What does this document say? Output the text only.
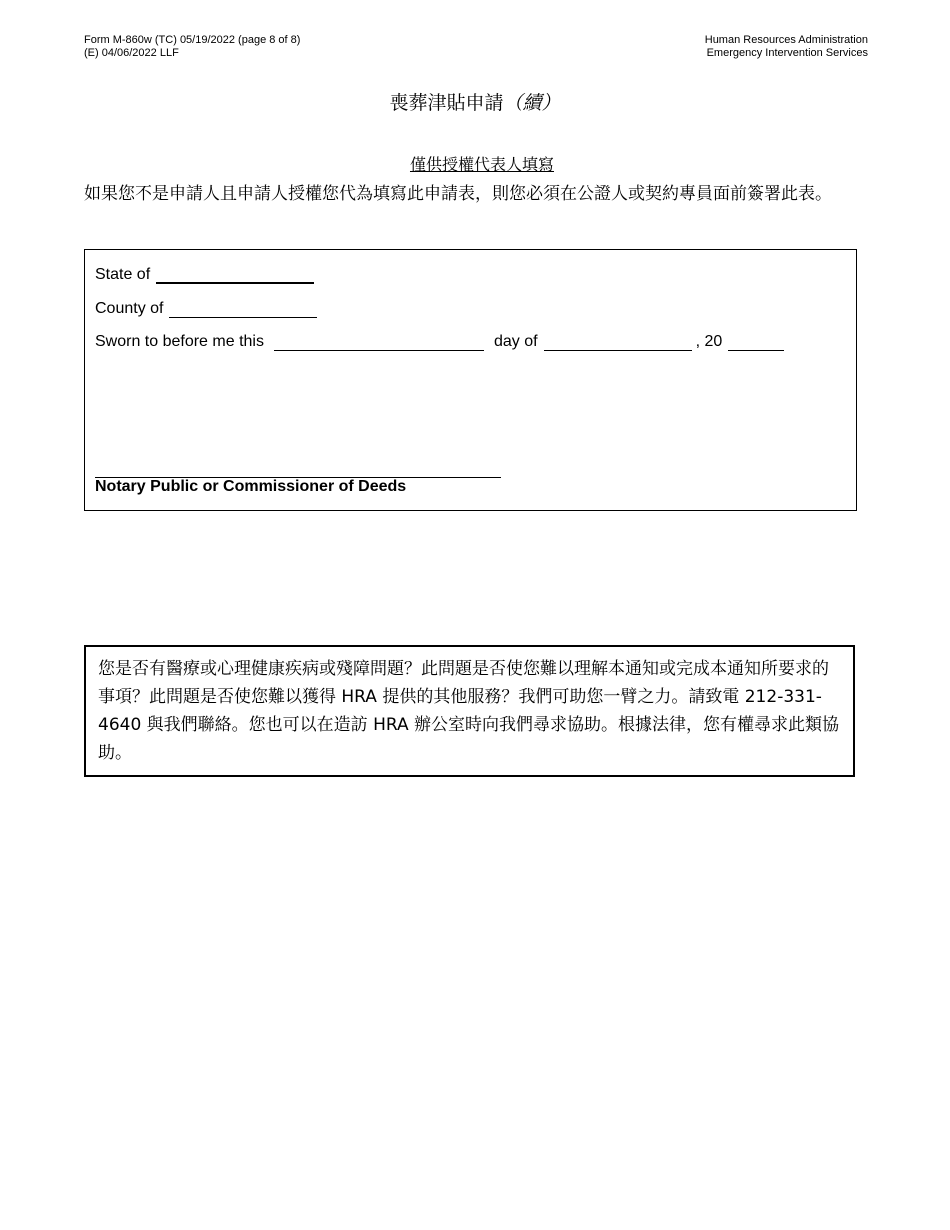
Form M-860w (TC) 05/19/2022 (page 8 of 8)
(E) 04/06/2022 LLF
Human Resources Administration
Emergency Intervention Services
喪葬津貼申請（續）
僅供授權代表人填寫
如果您不是申請人且申請人授權您代為填寫此申請表，則您必須在公證人或契約專員面前簽署此表。
State of
County of
Sworn to before me this	day of	, 20
Notary Public or Commissioner of Deeds
您是否有醫療或心理健康疾病或殘障問題？此問題是否使您難以理解本通知或完成本通知所要求的事項？此問題是否使您難以獲得 HRA 提供的其他服務？我們可助您一臂之力。請致電 212-331-4640 與我們聯絡。您也可以在造訪 HRA 辦公室時向我們尋求協助。根據法律，您有權尋求此類協助。
